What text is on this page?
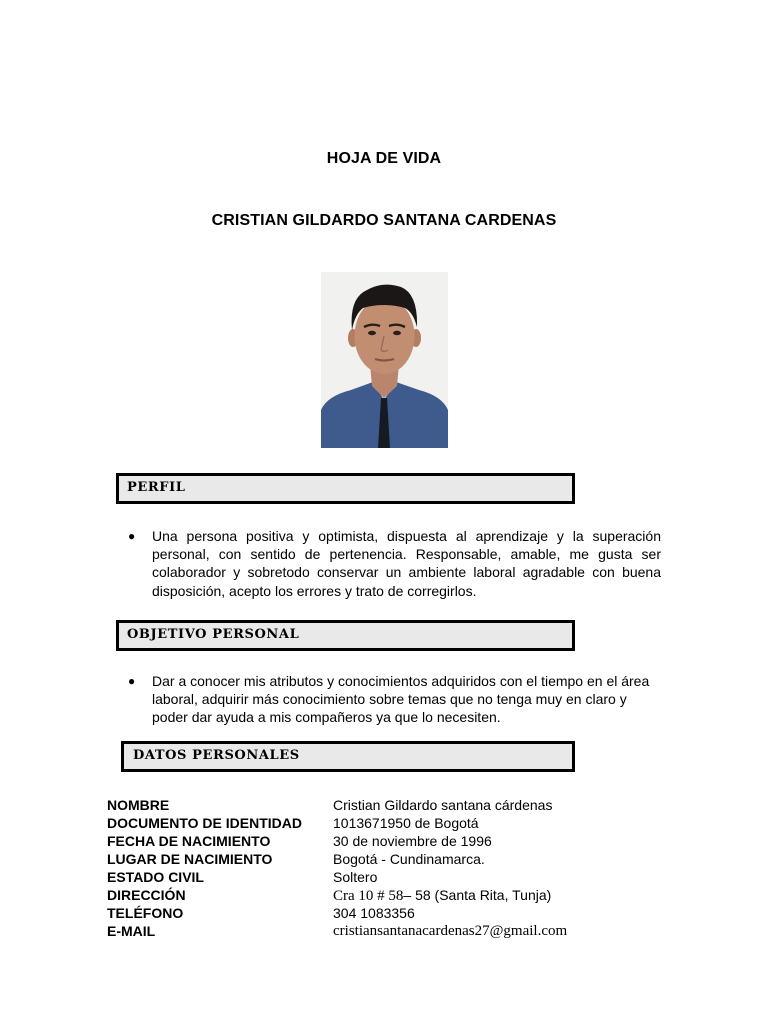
HOJA DE VIDA
CRISTIAN GILDARDO SANTANA CARDENAS
PERFIL
● Una persona positiva y optimista, dispuesta al aprendizaje y la superación personal, con sentido de pertenencia. Responsable, amable, me gusta ser colaborador y sobretodo conservar un ambiente laboral agradable con buena disposición, acepto los errores y trato de corregirlos.
OBJETIVO PERSONAL
● Dar a conocer mis atributos y conocimientos adquiridos con el tiempo en el área laboral, adquirir más conocimiento sobre temas que no tenga muy en claro y poder dar ayuda a mis compañeros ya que lo necesiten.
DATOS PERSONALES
NOMBRE	Cristian Gildardo santana cárdenas
DOCUMENTO DE IDENTIDAD 1013671950 de Bogotá
FECHA DE NACIMIENTO	30 de noviembre de 1996
LUGAR DE NACIMIENTO	Bogotá - Cundinamarca.
ESTADO CIVIL	Soltero
DIRECCIÓN	Cra 10 # 58– 58 (Santa Rita, Tunja)
TELÉFONO	304 1083356
E-MAIL	cristiansantanacardenas27@gmail.com
